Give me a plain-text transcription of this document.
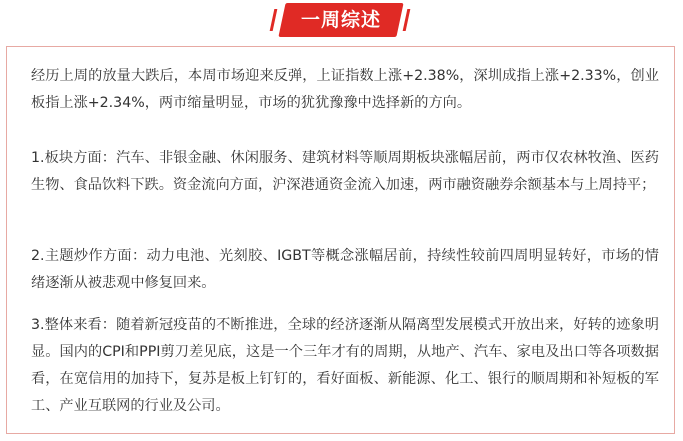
一周综述
经历上周的放量大跌后，本周市场迎来反弹，上证指数上涨+2.38%，深圳成指上涨+2.33%，创业板指上涨+2.34%，两市缩量明显，市场的犹犹豫豫中选择新的方向。
1.板块方面：汽车、非银金融、休闲服务、建筑材料等顺周期板块涨幅居前，两市仅农林牧渔、医药生物、食品饮料下跌。资金流向方面，沪深港通资金流入加速，两市融资融券余额基本与上周持平；
2.主题炒作方面：动力电池、光刻胶、IGBT等概念涨幅居前，持续性较前四周明显转好，市场的情绪逐渐从被悲观中修复回来。
3.整体来看：随着新冠疫苗的不断推进，全球的经济逐渐从隔离型发展模式开放出来，好转的迹象明显。国内的CPI和PPI剪刀差见底，这是一个三年才有的周期，从地产、汽车、家电及出口等各项数据看，在宽信用的加持下，复苏是板上钉钉的，看好面板、新能源、化工、银行的顺周期和补短板的军工、产业互联网的行业及公司。
